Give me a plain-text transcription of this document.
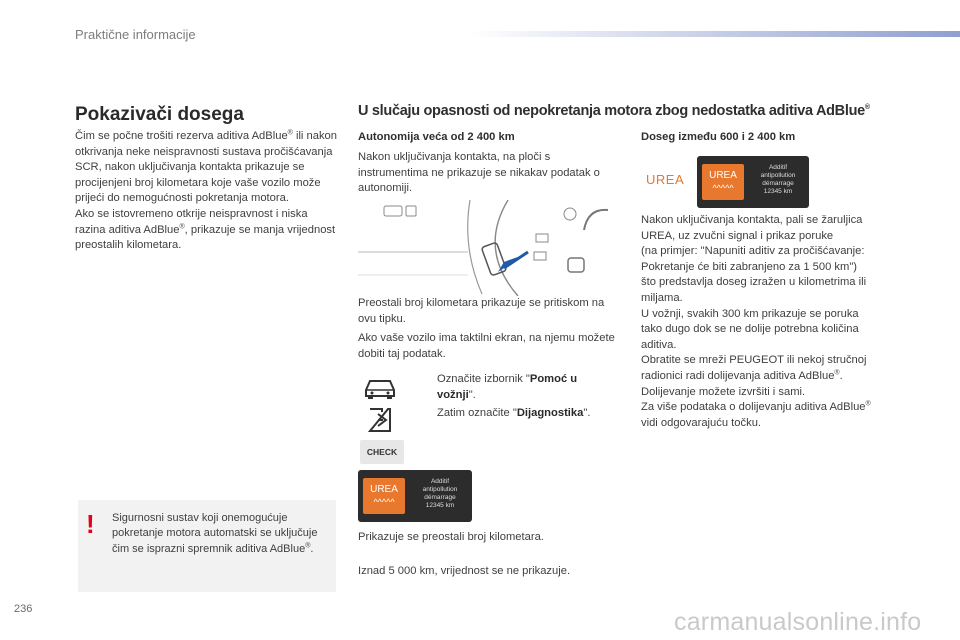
Praktične informacije
Pokazivači dosega

Čim se počne trošiti rezerva aditiva AdBlue® ili nakon otkrivanja neke neispravnosti sustava pročišćavanja SCR, nakon uključivanja kontakta prikazuje se procijenjeni broj kilometara koje vaše vozilo može prijeći do nemogućnosti pokretanja motora.

Ako se istovremeno otkrije neispravnost i niska razina aditiva AdBlue®, prikazuje se manja vrijednost preostalih kilometara.

! Sigurnosni sustav koji onemogućuje pokretanje motora automatski se uključuje čim se isprazni spremnik aditiva AdBlue®.

U slučaju opasnosti od nepokretanja motora zbog nedostatka aditiva AdBlue®
Autonomija veća od 2 400 km

Nakon uključivanja kontakta, na ploči s instrumentima ne prikazuje se nikakav podatak o autonomiji.

Preostali broj kilometara prikazuje se pritiskom na ovu tipku.

Ako vaše vozilo ima taktilni ekran, na njemu možete dobiti taj podatak.

Označite izbornik "Pomoć u vožnji".

Zatim označite "Dijagnostika".

CHECK
UREA
^^^^^
Additif
antipollution
démarrage
12345 km

Prikazuje se preostali broj kilometara.

Iznad 5 000 km, vrijednost se ne prikazuje.

Doseg između 600 i 2 400 km
UREA	UREA
^^^^^
Additif
antipollution
démarrage
12345 km
Nakon uključivanja kontakta, pali se žaruljica
UREA, uz zvučni signal i prikaz poruke
(na primjer: "Napuniti aditiv za pročišćavanje:
Pokretanje će biti zabranjeno za 1 500 km")
što predstavlja doseg izražen u kilometrima ili
miljama.
U vožnji, svakih 300 km prikazuje se poruka
tako dugo dok se ne dolije potrebna količina
aditiva.
Obratite se mreži PEUGEOT ili nekoj stručnoj
radionici radi dolijevanja aditiva AdBlue®.
Dolijevanje možete izvršiti i sami.
Za više podataka o dolijevanju aditiva AdBlue®
vidi odgovarajuću točku.
236	carmanualsonline.info
